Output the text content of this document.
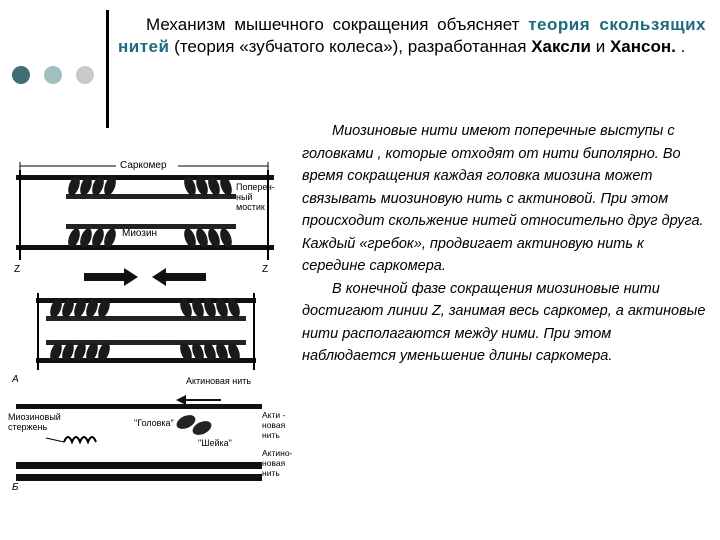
Механизм мышечного сокращения объясняет теория скользящих нитей (теория «зубчатого колеса»), разработанная Хаксли и Хансон. .

Миозиновые нити имеют поперечные выступы с головками , которые отходят от нити биполярно. Во время сокращения каждая головка миозина может связывать миозиновую нить с актиновой. При этом происходит скольжение нитей относительно друг друга. Каждый «гребок», продвигает актиновую нить к середине саркомера.

В конечной фазе сокращения миозиновые нити достигают линии Z, занимая весь саркомер, а актиновые нити располагаются между ними. При этом наблюдается уменьшение длины саркомера.

Саркомер
Попереч-
ный
мостик
Миозин
Z	Z
А	Актиновая нить
Миозиновый
стержень	"Головка"
"Шейка"
Акти -
новая
нить
Актино-
новая
нить
Б
